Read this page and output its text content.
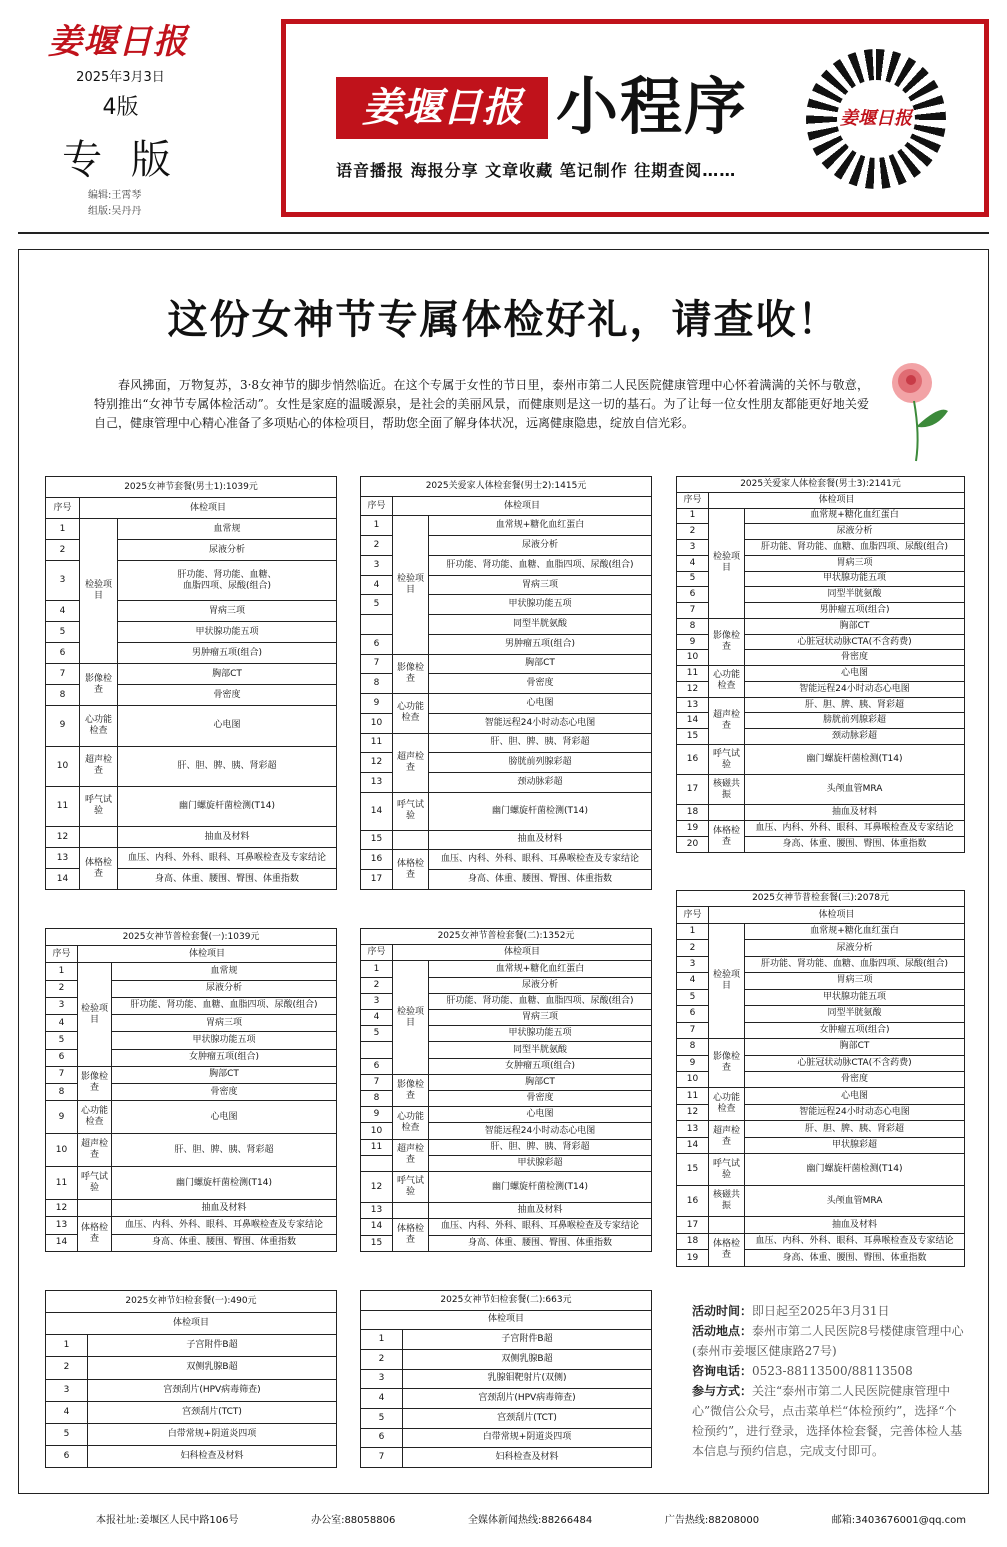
姜堰日报
2025年3月3日
4版
专 版
编辑:王霄琴
组版:吴丹丹
姜堰日报 小程序
语音播报 海报分享 文章收藏 笔记制作 往期查阅……
姜堰日报
这份女神节专属体检好礼，请查收！
春风拂面，万物复苏，3·8女神节的脚步悄然临近。在这个专属于女性的节日里，泰州市第二人民医院健康管理中心怀着满满的关怀与敬意，特别推出“女神节专属体检活动”。女性是家庭的温暖源泉，是社会的美丽风景，而健康则是这一切的基石。为了让每一位女性朋友都能更好地关爱自己，健康管理中心精心准备了多项贴心的体检项目，帮助您全面了解身体状况，远离健康隐患，绽放自信光彩。
2025女神节套餐(男士1):1039元		
序号	体检项目	
1	检验项目	血常规
2		尿液分析
3		肝功能、肾功能、血糖、
血脂四项、尿酸(组合)

4		胃病三项
5		甲状腺功能五项
6		男肿瘤五项(组合)
7	影像检查	胸部CT
8		骨密度
9	心功能检查	心电图
10	超声检查	肝、胆、脾、胰、肾彩超
11	呼气试验	幽门螺旋杆菌检测(T14)
12		抽血及材料
13	体格检查	血压、内科、外科、眼科、耳鼻喉检查及专家结论
14		身高、体重、腰围、臀围、体重指数
2025关爱家人体检套餐(男士2):1415元		
序号	体检项目	
1	检验项目	血常规+糖化血红蛋白
2		尿液分析
3		肝功能、肾功能、血糖、血脂四项、尿酸(组合)
4		胃病三项
5		甲状腺功能五项
		同型半胱氨酸
6		男肿瘤五项(组合)
7	影像检查	胸部CT
8		骨密度
9	心功能检查	心电图
10		智能远程24小时动态心电图
11	超声检查	肝、胆、脾、胰、肾彩超
12		膀胱前列腺彩超
13		颈动脉彩超
14	呼气试验	幽门螺旋杆菌检测(T14)
15		抽血及材料
16	体格检查	血压、内科、外科、眼科、耳鼻喉检查及专家结论
17		身高、体重、腰围、臀围、体重指数
2025关爱家人体检套餐(男士3):2141元		
序号	体检项目	
1	检验项目	血常规+糖化血红蛋白
2		尿液分析
3		肝功能、肾功能、血糖、血脂四项、尿酸(组合)
4		胃病三项
5		甲状腺功能五项
6		同型半胱氨酸
7		男肿瘤五项(组合)
8	影像检查	胸部CT
9		心脏冠状动脉CTA(不含药费)
10		骨密度
11	心功能检查	心电图
12		智能远程24小时动态心电图
13	超声检查	肝、胆、脾、胰、肾彩超
14		膀胱前列腺彩超
15		颈动脉彩超
16	呼气试验	幽门螺旋杆菌检测(T14)
17	核磁共振	头颅血管MRA
18		抽血及材料
19	体格检查	血压、内科、外科、眼科、耳鼻喉检查及专家结论
20		身高、体重、腰围、臀围、体重指数
2025女神节普检套餐(一):1039元		
序号	体检项目	
1	检验项目	血常规
2		尿液分析
3		肝功能、肾功能、血糖、血脂四项、尿酸(组合)
4		胃病三项
5		甲状腺功能五项
6		女肿瘤五项(组合)
7	影像检查	胸部CT
8		骨密度
9	心功能检查	心电图
10	超声检查	肝、胆、脾、胰、肾彩超
11	呼气试验	幽门螺旋杆菌检测(T14)
12		抽血及材料
13	体格检查	血压、内科、外科、眼科、耳鼻喉检查及专家结论
14		身高、体重、腰围、臀围、体重指数
2025女神节普检套餐(二):1352元		
序号	体检项目	
1	检验项目	血常规+糖化血红蛋白
2		尿液分析
3		肝功能、肾功能、血糖、血脂四项、尿酸(组合)
4		胃病三项
5		甲状腺功能五项
		同型半胱氨酸
6		女肿瘤五项(组合)
7	影像检查	胸部CT
8		骨密度
9	心功能检查	心电图
10		智能远程24小时动态心电图
11	超声检查	肝、胆、脾、胰、肾彩超
		甲状腺彩超
12	呼气试验	幽门螺旋杆菌检测(T14)
13		抽血及材料
14	体格检查	血压、内科、外科、眼科、耳鼻喉检查及专家结论
15		身高、体重、腰围、臀围、体重指数
2025女神节普检套餐(三):2078元		
序号	体检项目	
1	检验项目	血常规+糖化血红蛋白
2		尿液分析
3		肝功能、肾功能、血糖、血脂四项、尿酸(组合)
4		胃病三项
5		甲状腺功能五项
6		同型半胱氨酸
7		女肿瘤五项(组合)
8	影像检查	胸部CT
9		心脏冠状动脉CTA(不含药费)
10		骨密度
11	心功能检查	心电图
12		智能远程24小时动态心电图
13	超声检查	肝、胆、脾、胰、肾彩超
14		甲状腺彩超
15	呼气试验	幽门螺旋杆菌检测(T14)
16	核磁共振	头颅血管MRA
17		抽血及材料
18	体格检查	血压、内科、外科、眼科、耳鼻喉检查及专家结论
19		身高、体重、腰围、臀围、体重指数
2025女神节妇检套餐(一):490元	
体检项目	
1	子宫附件B超
2	双侧乳腺B超
3	宫颈刮片(HPV病毒筛查)
4	宫颈刮片(TCT)
5	白带常规+阴道炎四项
6	妇科检查及材料
2025女神节妇检套餐(二):663元	
体检项目	
1	子宫附件B超
2	双侧乳腺B超
3	乳腺钼靶射片(双侧)
4	宫颈刮片(HPV病毒筛查)
5	宫颈刮片(TCT)
6	白带常规+阴道炎四项
7	妇科检查及材料
活动时间：即日起至2025年3月31日
活动地点：泰州市第二人民医院8号楼健康管理中心(泰州市姜堰区健康路27号)
咨询电话：0523-88113500/88113508
参与方式：关注“泰州市第二人民医院健康管理中心”微信公众号，点击菜单栏“体检预约”，选择“个检预约”，进行登录，选择体检套餐，完善体检人基本信息与预约信息，完成支付即可。
本报社址:姜堰区人民中路106号	办公室:88058806	全媒体新闻热线:88266484	广告热线:88208000	邮箱:3403676001@qq.com
